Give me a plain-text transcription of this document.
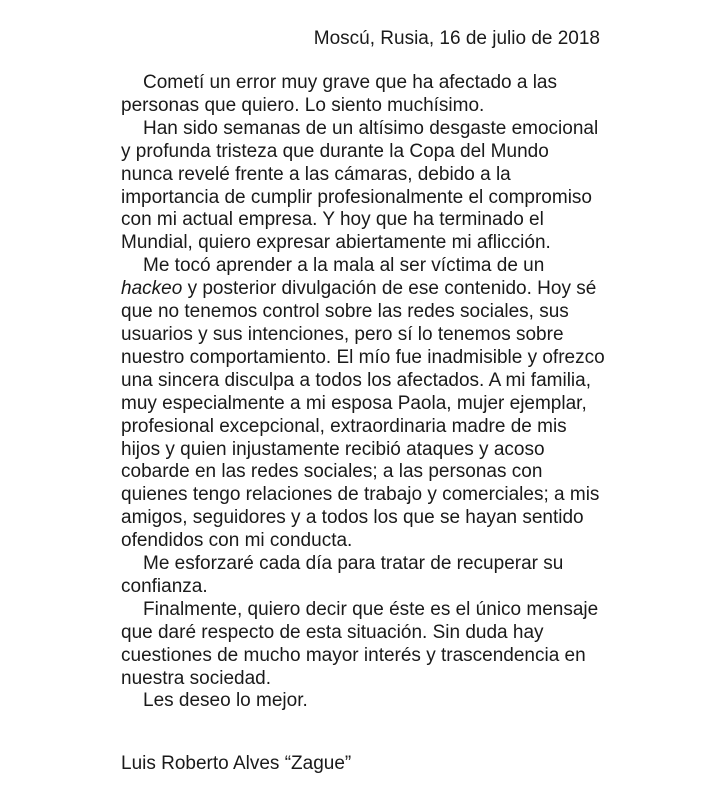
Moscú, Rusia, 16 de julio de 2018

Cometí un error muy grave que ha afectado a las personas que quiero. Lo siento muchísimo.

Han sido semanas de un altísimo desgaste emocional y profunda tristeza que durante la Copa del Mundo nunca revelé frente a las cámaras, debido a la importancia de cumplir profesionalmente el compromiso con mi actual empresa. Y hoy que ha terminado el Mundial, quiero expresar abiertamente mi aflicción.

Me tocó aprender a la mala al ser víctima de un hackeo y posterior divulgación de ese contenido. Hoy sé que no tenemos control sobre las redes sociales, sus usuarios y sus intenciones, pero sí lo tenemos sobre nuestro comportamiento. El mío fue inadmisible y ofrezco una sincera disculpa a todos los afectados. A mi familia, muy especialmente a mi esposa Paola, mujer ejemplar, profesional excepcional, extraordinaria madre de mis hijos y quien injustamente recibió ataques y acoso cobarde en las redes sociales; a las personas con quienes tengo relaciones de trabajo y comerciales; a mis amigos, seguidores y a todos los que se hayan sentido ofendidos con mi conducta.

Me esforzaré cada día para tratar de recuperar su confianza.

Finalmente, quiero decir que éste es el único mensaje que daré respecto de esta situación. Sin duda hay cuestiones de mucho mayor interés y trascendencia en nuestra sociedad.

Les deseo lo mejor.

Luis Roberto Alves “Zague”
